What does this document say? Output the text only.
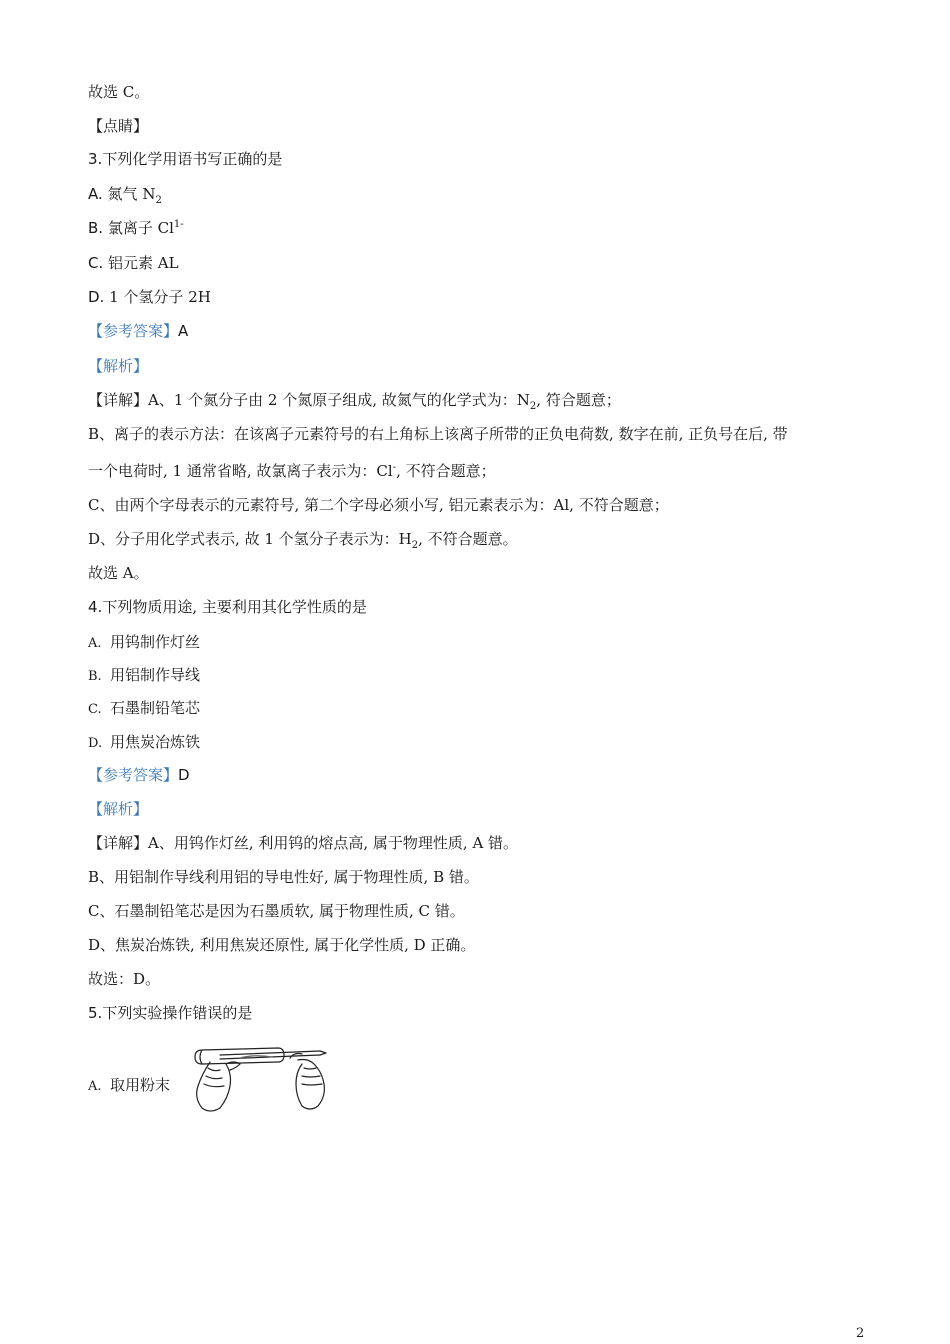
故选 C。
【点睛】
3.下列化学用语书写正确的是
A. 氮气 $N_2$
B. 氯离子 $Cl^{1-}$
C. 铝元素 AL
D. 1 个氢分子 2H
【参考答案】A
【解析】
【详解】A、1 个氮分子由 2 个氮原子组成, 故氮气的化学式为：$N_2$, 符合题意；
B、离子的表示方法：在该离子元素符号的右上角标上该离子所带的正负电荷数, 数字在前, 正负号在后, 带
一个电荷时, 1 通常省略, 故氯离子表示为：Cl-, 不符合题意；
C、由两个字母表示的元素符号, 第二个字母必须小写, 铝元素表示为：Al, 不符合题意；
D、分子用化学式表示, 故 1 个氢分子表示为：$H_2$, 不符合题意。
故选 A。
4.下列物质用途, 主要利用其化学性质的是
A. 用钨制作灯丝
B. 用铝制作导线
C. 石墨制铅笔芯
D. 用焦炭冶炼铁
【参考答案】D
【解析】
【详解】A、用钨作灯丝, 利用钨的熔点高, 属于物理性质, A 错。
B、用铝制作导线利用铝的导电性好, 属于物理性质, B 错。
C、石墨制铅笔芯是因为石墨质软, 属于物理性质, C 错。
D、焦炭冶炼铁, 利用焦炭还原性, 属于化学性质, D 正确。
故选：D。
5.下列实验操作错误的是
A. 取用粉末
2
